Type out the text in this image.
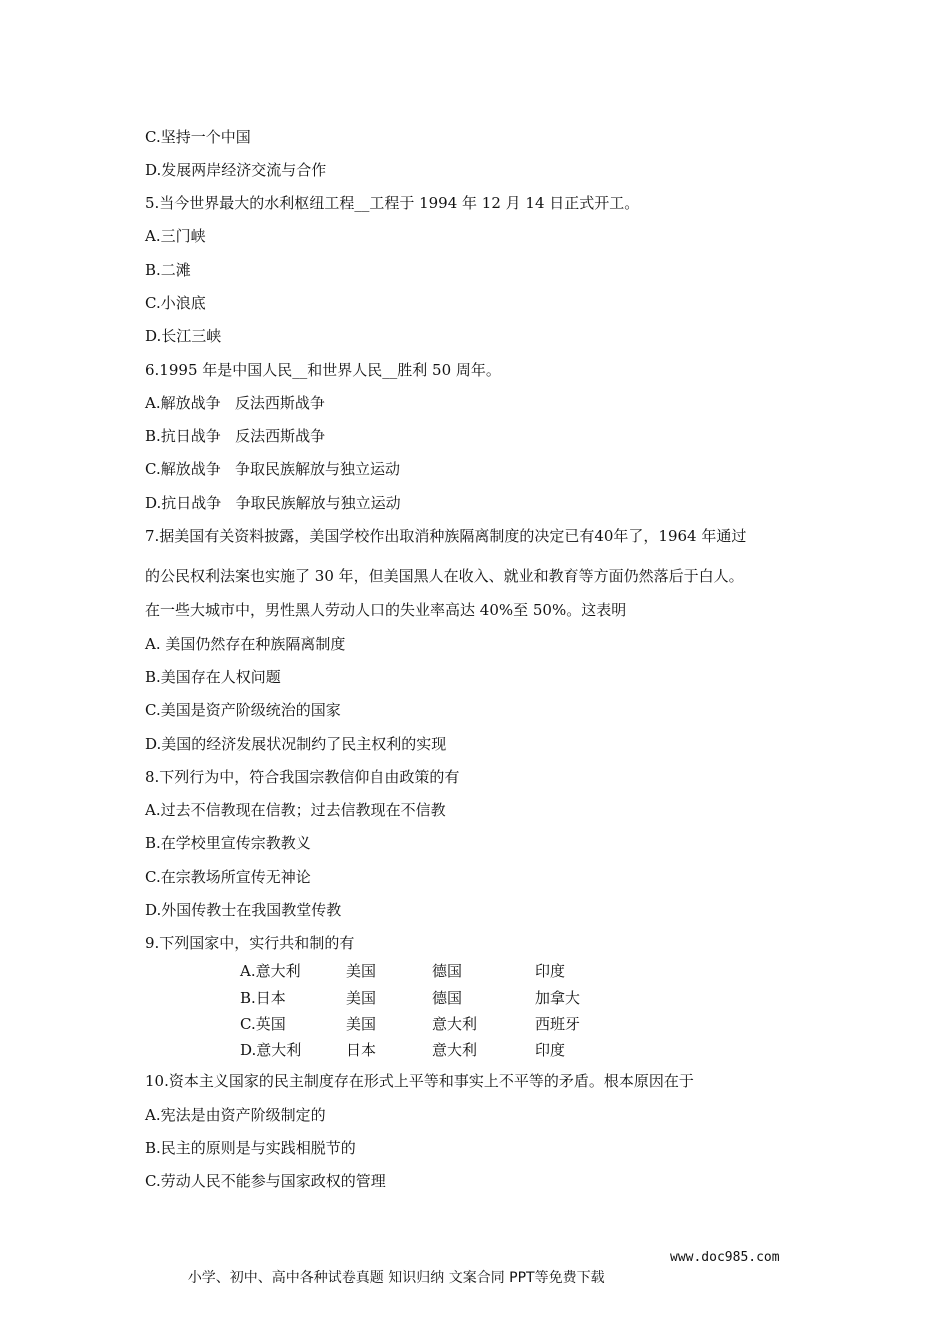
C.坚持一个中国
D.发展两岸经济交流与合作
5.当今世界最大的水利枢纽工程__工程于 1994 年 12 月 14 日正式开工。
A.三门峡
B.二滩
C.小浪底
D.长江三峡
6.1995 年是中国人民__和世界人民__胜利 50 周年。
A.解放战争   反法西斯战争
B.抗日战争   反法西斯战争
C.解放战争   争取民族解放与独立运动
D.抗日战争   争取民族解放与独立运动
7.据美国有关资料披露，美国学校作出取消种族隔离制度的决定已有40年了，1964 年通过
的公民权利法案也实施了 30 年，但美国黑人在收入、就业和教育等方面仍然落后于白人。
在一些大城市中，男性黑人劳动人口的失业率高达 40%至 50%。这表明
A. 美国仍然存在种族隔离制度
B.美国存在人权问题
C.美国是资产阶级统治的国家
D.美国的经济发展状况制约了民主权利的实现
8.下列行为中，符合我国宗教信仰自由政策的有
A.过去不信教现在信教；过去信教现在不信教
B.在学校里宣传宗教教义
C.在宗教场所宣传无神论
D.外国传教士在我国教堂传教
9.下列国家中，实行共和制的有
A.意大利	美国	德国	印度
B.日本	美国	德国	加拿大
C.英国	美国	意大利	西班牙
D.意大利	日本	意大利	印度
10.资本主义国家的民主制度存在形式上平等和事实上不平等的矛盾。根本原因在于
A.宪法是由资产阶级制定的
B.民主的原则是与实践相脱节的
C.劳动人民不能参与国家政权的管理

小学、初中、高中各种试卷真题 知识归纳 文案合同 PPT等免费下载

www.doc985.com
